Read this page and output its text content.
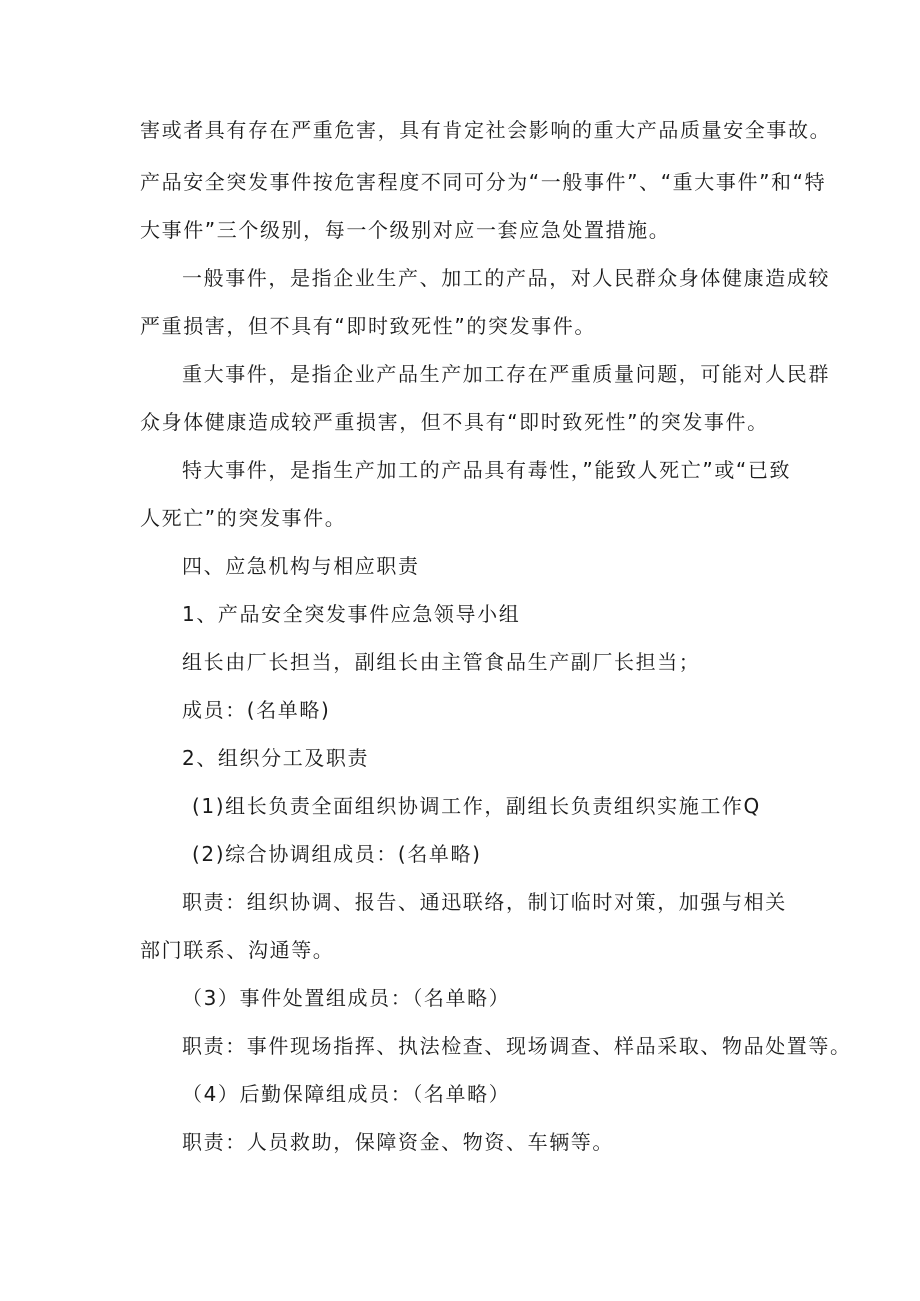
害或者具有存在严重危害，具有肯定社会影响的重大产品质量安全事故。

产品安全突发事件按危害程度不同可分为“一般事件”、“重大事件”和“特

大事件”三个级别，每一个级别对应一套应急处置措施。

一般事件，是指企业生产、加工的产品，对人民群众身体健康造成较

严重损害，但不具有“即时致死性”的突发事件。

重大事件，是指企业产品生产加工存在严重质量问题，可能对人民群

众身体健康造成较严重损害，但不具有“即时致死性”的突发事件。

特大事件，是指生产加工的产品具有毒性，”能致人死亡”或“已致

人死亡”的突发事件。

四、应急机构与相应职责

1、产品安全突发事件应急领导小组

组长由厂长担当，副组长由主管食品生产副厂长担当；

成员：(名单略)

2、组织分工及职责

(1)组长负责全面组织协调工作，副组长负责组织实施工作Q

(2)综合协调组成员：(名单略)

职责：组织协调、报告、通迅联络，制订临时对策，加强与相关

部门联系、沟通等。

（3）事件处置组成员：（名单略）

职责：事件现场指挥、执法检查、现场调查、样品采取、物品处置等。

（4）后勤保障组成员：（名单略）

职责：人员救助，保障资金、物资、车辆等。
